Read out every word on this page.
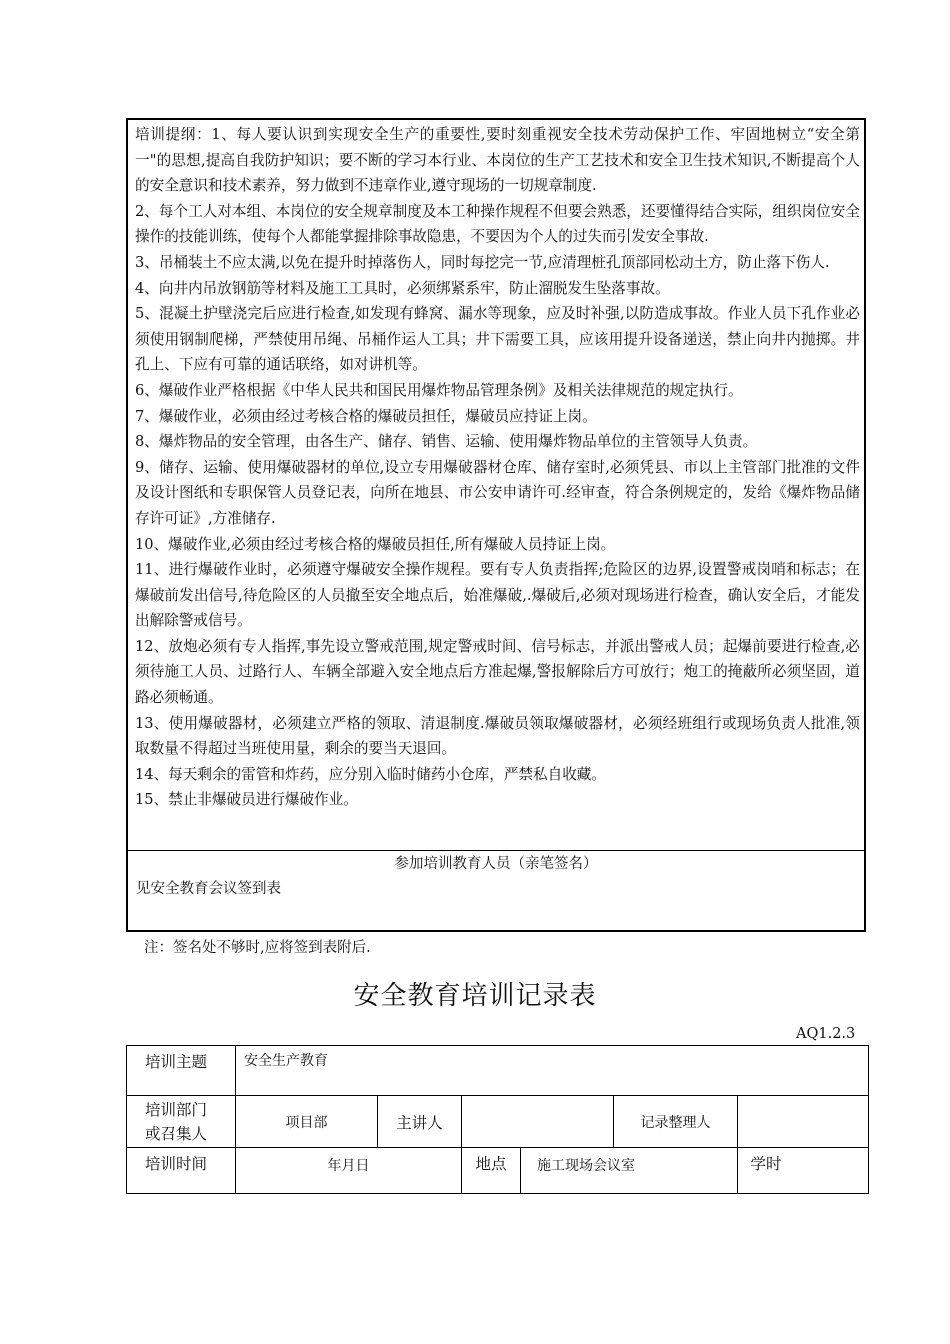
培训提纲：1、每人要认识到实现安全生产的重要性,要时刻重视安全技术劳动保护工作、牢固地树立“安全第一"的思想,提高自我防护知识；要不断的学习本行业、本岗位的生产工艺技术和安全卫生技术知识,不断提高个人的安全意识和技术素养，努力做到不违章作业,遵守现场的一切规章制度.

2、每个工人对本组、本岗位的安全规章制度及本工种操作规程不但要会熟悉，还要懂得结合实际，组织岗位安全操作的技能训练，使每个人都能掌握排除事故隐患，不要因为个人的过失而引发安全事故.

3、吊桶装土不应太满,以免在提升时掉落伤人，同时每挖完一节,应清理桩孔顶部同松动土方，防止落下伤人.

4、向井内吊放钢筋等材料及施工工具时，必须绑紧系牢，防止溜脱发生坠落事故。

5、混凝土护壁浇完后应进行检查,如发现有蜂窝、漏水等现象，应及时补强,以防造成事故。作业人员下孔作业必须使用钢制爬梯，严禁使用吊绳、吊桶作运人工具；井下需要工具，应该用提升设备递送，禁止向井内抛掷。井孔上、下应有可靠的通话联络，如对讲机等。

6、爆破作业严格根据《中华人民共和国民用爆炸物品管理条例》及相关法律规范的规定执行。

7、爆破作业，必须由经过考核合格的爆破员担任，爆破员应持证上岗。

8、爆炸物品的安全管理，由各生产、储存、销售、运输、使用爆炸物品单位的主管领导人负责。

9、储存、运输、使用爆破器材的单位,设立专用爆破器材仓库、储存室时,必须凭县、市以上主管部门批准的文件及设计图纸和专职保管人员登记表，向所在地县、市公安申请许可.经审查，符合条例规定的，发给《爆炸物品储存许可证》,方准储存.

10、爆破作业,必须由经过考核合格的爆破员担任,所有爆破人员持证上岗。

11、进行爆破作业时，必须遵守爆破安全操作规程。要有专人负责指挥;危险区的边界,设置警戒岗哨和标志；在爆破前发出信号,待危险区的人员撤至安全地点后，始准爆破,.爆破后,必须对现场进行检查，确认安全后，才能发出解除警戒信号。

12、放炮必须有专人指挥,事先设立警戒范围,规定警戒时间、信号标志，并派出警戒人员；起爆前要进行检查,必须待施工人员、过路行人、车辆全部避入安全地点后方准起爆,警报解除后方可放行；炮工的掩蔽所必须坚固，道路必须畅通。

13、使用爆破器材，必须建立严格的领取、清退制度.爆破员领取爆破器材，必须经班组行或现场负责人批准,领取数量不得超过当班使用量，剩余的要当天退回。

14、每天剩余的雷管和炸药，应分别入临时储药小仓库，严禁私自收藏。

15、禁止非爆破员进行爆破作业。

参加培训教育人员（亲笔签名）
见安全教育会议签到表
注：签名处不够时,应将签到表附后.
安全教育培训记录表
AQ1.2.3
培训主题	安全生产教育					

培训部门
或召集人	项目部	主讲人			记录整理人	
培训时间	年月日		地点	施工现场会议室		学时
